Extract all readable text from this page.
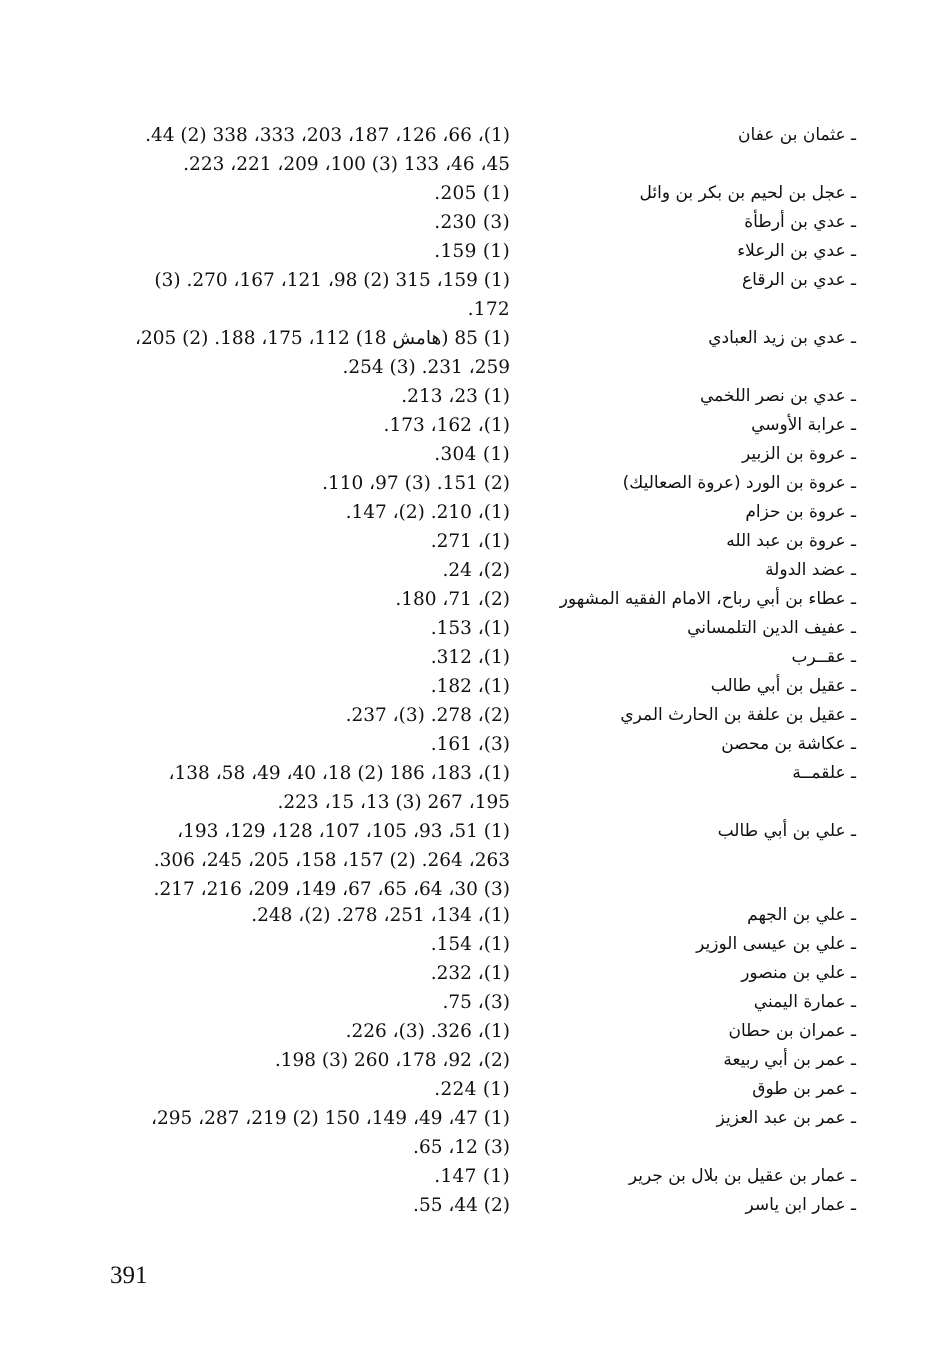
ـ عثمان بن عفان
(1)، 66، 126، 187، 203، 333، 338 (2) 44.
45، 46، 133 (3) 100، 209، 221، 223.
ـ عجل بن لحيم بن بكر بن وائل
(1) 205.
ـ عدي بن أرطأة
(3) 230.
ـ عدي بن الرعلاء
(1) 159.
ـ عدي بن الرقاع
(1) 159، 315 (2) 98، 121، 167، 270. (3)
172.
ـ عدي بن زيد العبادي
(1) 85 (هامش 18) 112، 175، 188. (2) 205،
259، 231. (3) 254.
ـ عدي بن نصر اللخمي
(1) 23، 213.
ـ عرابة الأوسي
(1)، 162، 173.
ـ عروة بن الزبير
(1) 304.
ـ عروة بن الورد (عروة الصعاليك)
(2) 151. (3) 97، 110.
ـ عروة بن حزام
(1)، 210. (2)، 147.
ـ عروة بن عبد الله
(1)، 271.
ـ عضد الدولة
(2)، 24.
ـ عطاء بن أبي رباح، الامام الفقيه المشهور
(2)، 71، 180.
ـ عفيف الدين التلمساني
(1)، 153.
ـ عقــرب
(1)، 312.
ـ عقيل بن أبي طالب
(1)، 182.
ـ عقيل بن علفة بن الحارث المري
(2)، 278. (3)، 237.
ـ عكاشة بن محصن
(3)، 161.
ـ علقمــة
(1)، 183، 186 (2) 18، 40، 49، 58، 138،
195، 267 (3) 13، 15، 223.
ـ علي بن أبي طالب
(1) 51، 93، 105، 107، 128، 129، 193،
263، 264. (2) 157، 158، 205، 245، 306.
(3) 30، 64، 65، 67، 149، 209، 216، 217.
ـ علي بن الجهم
(1)، 134، 251، 278. (2)، 248.
ـ علي بن عيسى الوزير
(1)، 154.
ـ علي بن منصور
(1)، 232.
ـ عمارة اليمني
(3)، 75.
ـ عمران بن حطان
(1)، 326. (3)، 226.
ـ عمر بن أبي ربيعة
(2)، 92، 178، 260 (3) 198.
ـ عمر بن طوق
(1) 224.
ـ عمر بن عبد العزيز
(1) 47، 49، 149، 150 (2) 219، 287، 295،
(3) 12، 65.
ـ عمار بن عقيل بن بلال بن جرير
(1) 147.
ـ عمار ابن ياسر
(2) 44، 55.
391
